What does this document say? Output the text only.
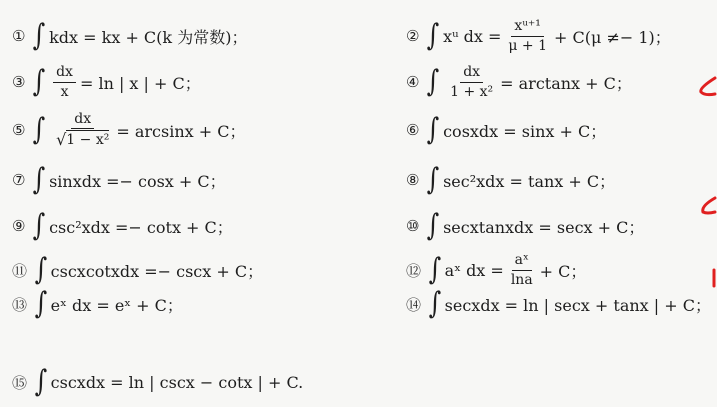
① ∫ kdx = kx + C(k 为常数)；	② ∫ xᵘ dx = $\frac{\text{xᵘ⁺¹}}{\mu + 1} + C(\mu \ne- 1)$；
③ ∫ $\frac{dx}{x} = \ln$ | x | + C；	④ ∫ $\frac{dx}{\text{1 + x²}} = \arctan x + C$；
⑤ ∫ $\frac{dx}{\text{√ 1 − x²}} = \arcsin x + C$；	⑥ ∫ cosxdx = sinx + C；
⑦ ∫ sinxdx =− cosx + C；	⑧ ∫ sec²xdx = tanx + C；
⑨ ∫ csc²xdx =− cotx + C；	⑩ ∫ secxtanxdx = secx + C；
⑪ ∫ cscxcotxdx =− cscx + C；	⑫ ∫ aˣ dx = $\frac{\text{aˣ}}{\ln a} + C$；
⑬ ∫ eˣ dx = eˣ + C；	⑭ ∫ secxdx = ln | secx + tanx | + C；
⑮ ∫ cscxdx = ln | cscx − cotx | + C.
